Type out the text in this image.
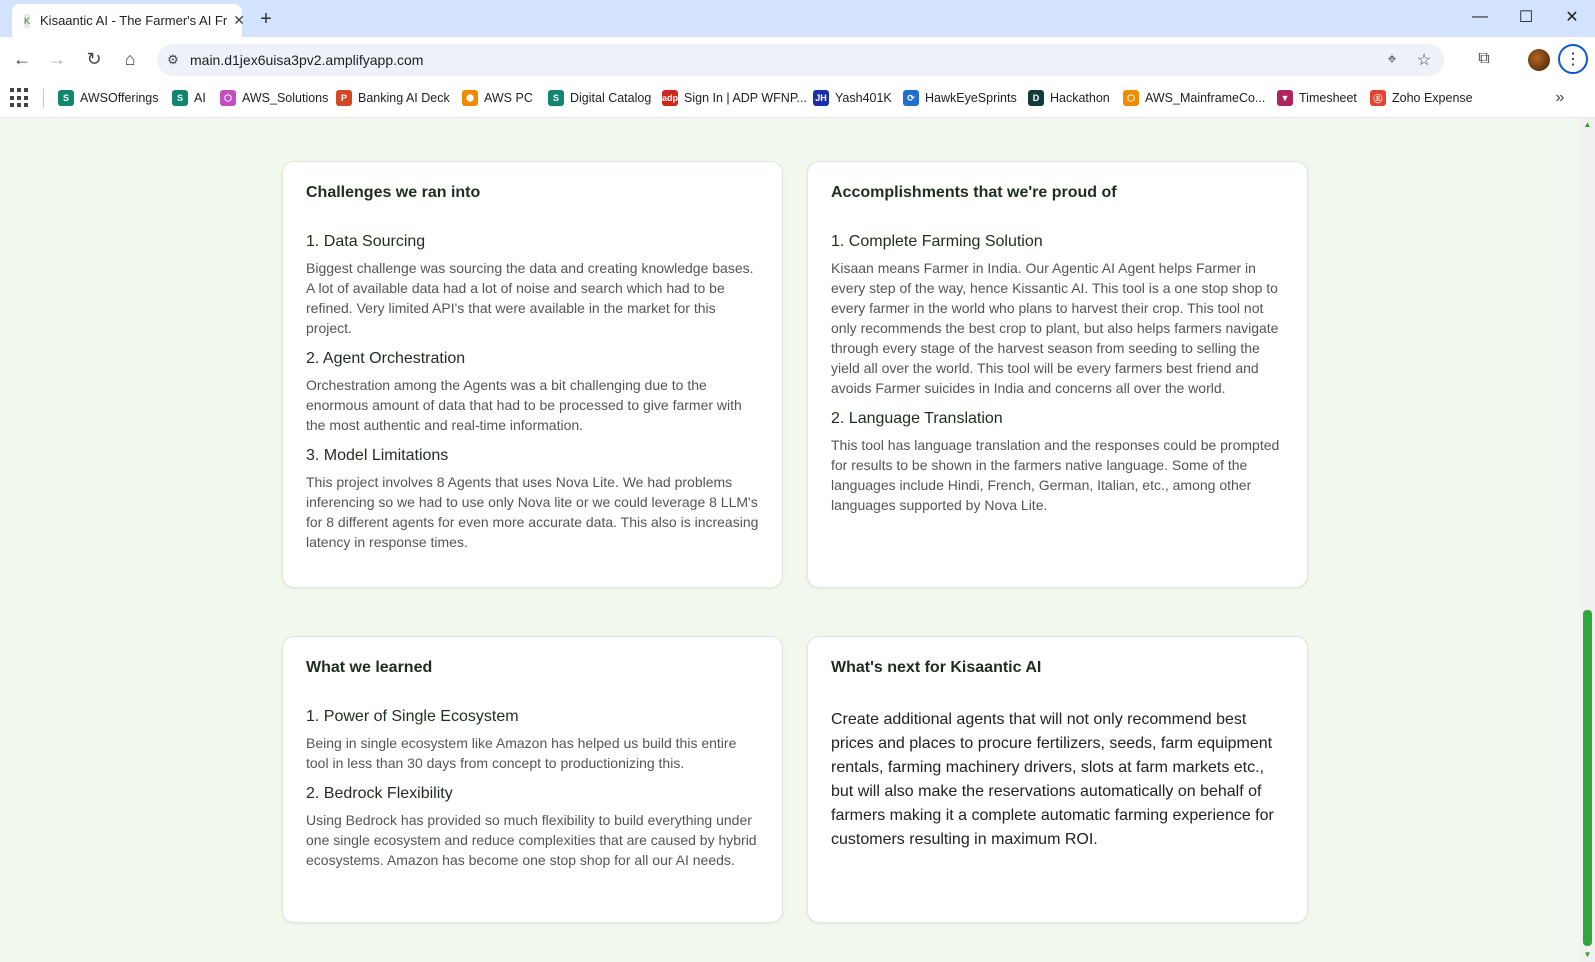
K Kisaantic AI - The Farmer's AI Fr ✕ +	—	☐	✕
← →	↻	⌂	⚙ main.d1jex6uisa3pv2.amplifyapp.com	⌖	☆	⧉	⋮
S AWSOfferings	S AI	⬡ AWS_Solutions	P Banking AI Deck	⬢ AWS PC	S Digital Catalog adp Sign In | ADP WFNP... JH Yash401K	⟳ HawkEyeSprints	D Hackathon	⬡ AWS_MainframeCo...	▼ Timesheet	Ⓔ Zoho Expense	»
Challenges we ran into
1. Data Sourcing
Biggest challenge was sourcing the data and creating knowledge bases. A lot of available data had a lot of noise and search which had to be refined. Very limited API's that were available in the market for this project.
2. Agent Orchestration
Orchestration among the Agents was a bit challenging due to the enormous amount of data that had to be processed to give farmer with the most authentic and real-time information.
3. Model Limitations
This project involves 8 Agents that uses Nova Lite. We had problems inferencing so we had to use only Nova lite or we could leverage 8 LLM's for 8 different agents for even more accurate data. This also is increasing latency in response times.
Accomplishments that we're proud of
1. Complete Farming Solution
Kisaan means Farmer in India. Our Agentic AI Agent helps Farmer in every step of the way, hence Kissantic AI. This tool is a one stop shop to every farmer in the world who plans to harvest their crop. This tool not only recommends the best crop to plant, but also helps farmers navigate through every stage of the harvest season from seeding to selling the yield all over the world. This tool will be every farmers best friend and avoids Farmer suicides in India and concerns all over the world.
2. Language Translation
This tool has language translation and the responses could be prompted for results to be shown in the farmers native language. Some of the languages include Hindi, French, German, Italian, etc., among other languages supported by Nova Lite.
What we learned
1. Power of Single Ecosystem
Being in single ecosystem like Amazon has helped us build this entire tool in less than 30 days from concept to productionizing this.
2. Bedrock Flexibility
Using Bedrock has provided so much flexibility to build everything under one single ecosystem and reduce complexities that are caused by hybrid ecosystems. Amazon has become one stop shop for all our AI needs.
What's next for Kisaantic AI
Create additional agents that will not only recommend best prices and places to procure fertilizers, seeds, farm equipment rentals, farming machinery drivers, slots at farm markets etc., but will also make the reservations automatically on behalf of farmers making it a complete automatic farming experience for customers resulting in maximum ROI.
▲
▼
